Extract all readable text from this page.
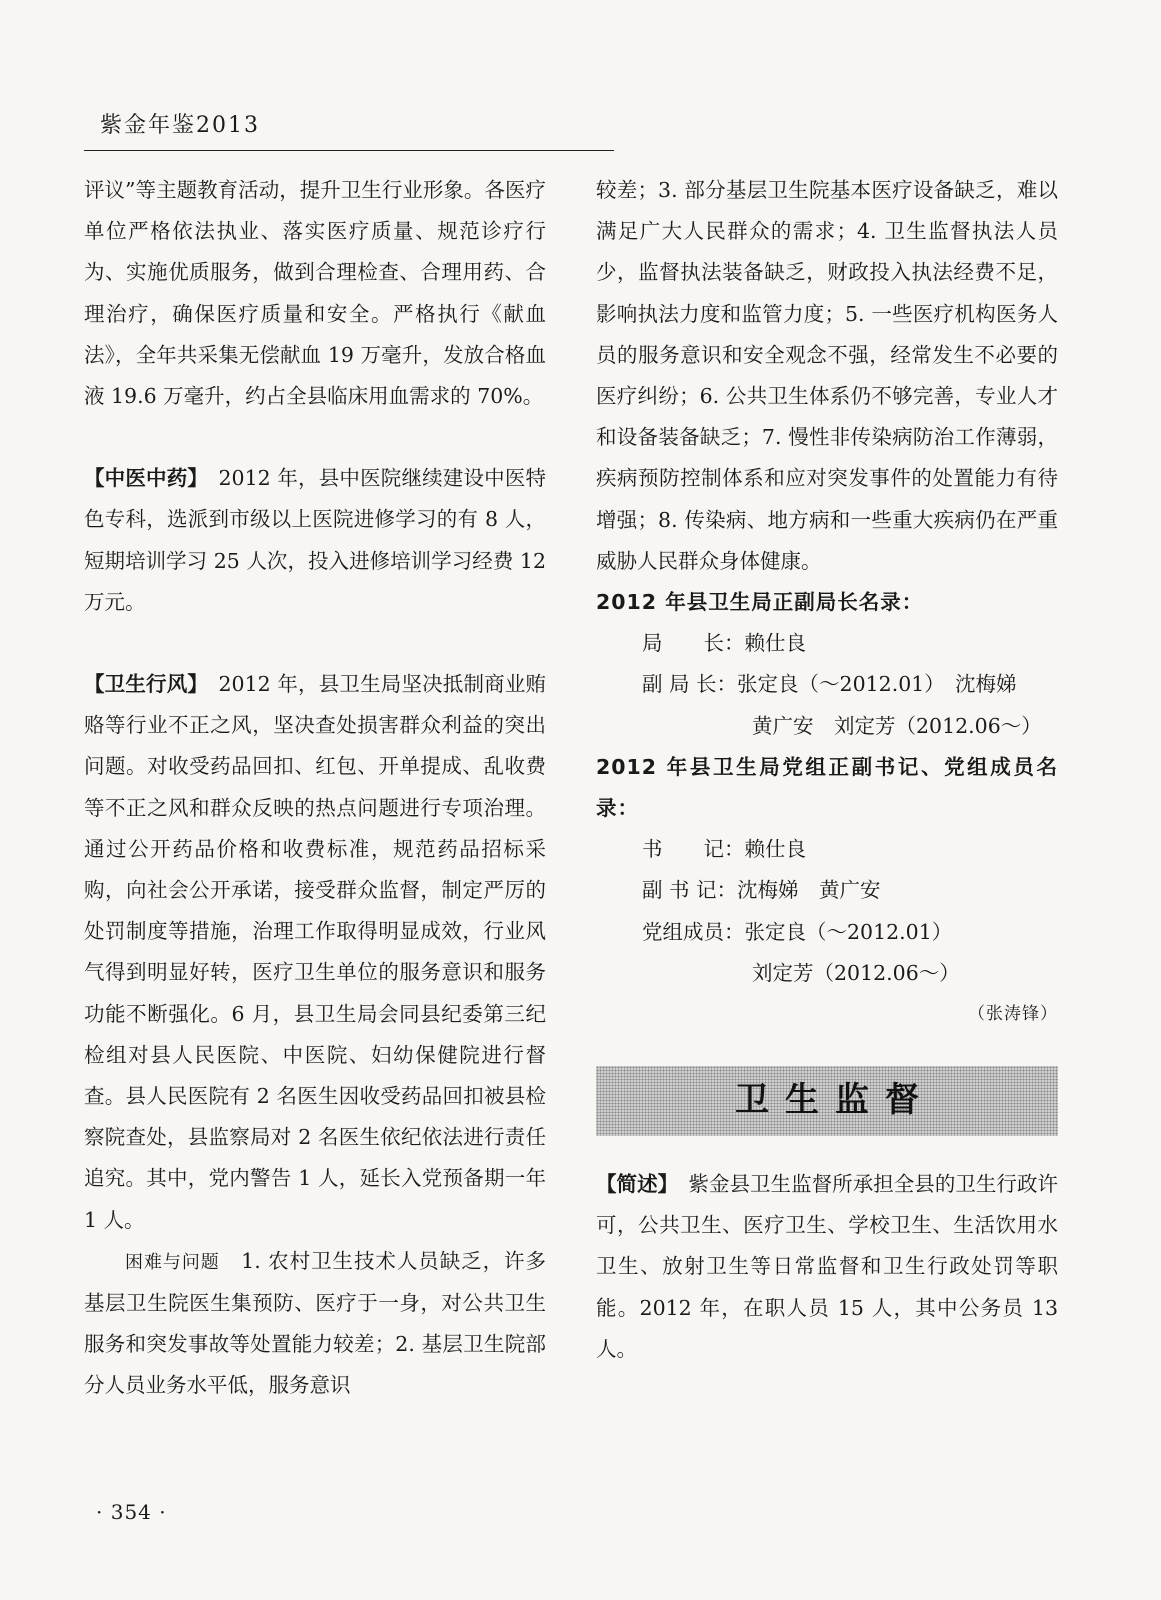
紫金年鉴2013

评议”等主题教育活动，提升卫生行业形象。各医疗单位严格依法执业、落实医疗质量、规范诊疗行为、实施优质服务，做到合理检查、合理用药、合理治疗，确保医疗质量和安全。严格执行《献血法》，全年共采集无偿献血 19 万毫升，发放合格血液 19.6 万毫升，约占全县临床用血需求的 70%。

【中医中药】　2012 年，县中医院继续建设中医特色专科，选派到市级以上医院进修学习的有 8 人，短期培训学习 25 人次，投入进修培训学习经费 12 万元。

【卫生行风】　2012 年，县卫生局坚决抵制商业贿赂等行业不正之风，坚决查处损害群众利益的突出问题。对收受药品回扣、红包、开单提成、乱收费等不正之风和群众反映的热点问题进行专项治理。通过公开药品价格和收费标准，规范药品招标采购，向社会公开承诺，接受群众监督，制定严厉的处罚制度等措施，治理工作取得明显成效，行业风气得到明显好转，医疗卫生单位的服务意识和服务功能不断强化。6 月，县卫生局会同县纪委第三纪检组对县人民医院、中医院、妇幼保健院进行督查。县人民医院有 2 名医生因收受药品回扣被县检察院查处，县监察局对 2 名医生依纪依法进行责任追究。其中，党内警告 1 人，延长入党预备期一年 1 人。

困难与问题　1. 农村卫生技术人员缺乏，许多基层卫生院医生集预防、医疗于一身，对公共卫生服务和突发事故等处置能力较差；2. 基层卫生院部分人员业务水平低，服务意识

较差；3. 部分基层卫生院基本医疗设备缺乏，难以满足广大人民群众的需求；4. 卫生监督执法人员少，监督执法装备缺乏，财政投入执法经费不足，影响执法力度和监管力度；5. 一些医疗机构医务人员的服务意识和安全观念不强，经常发生不必要的医疗纠纷；6. 公共卫生体系仍不够完善，专业人才和设备装备缺乏；7. 慢性非传染病防治工作薄弱，疾病预防控制体系和应对突发事件的处置能力有待增强；8. 传染病、地方病和一些重大疾病仍在严重威胁人民群众身体健康。

2012 年县卫生局正副局长名录：

局　　长：赖仕良
副 局 长：张定良（～2012.01）　沈梅娣
黄广安　刘定芳（2012.06～）

2012 年县卫生局党组正副书记、党组成员名录：

书　　记：赖仕良
副 书 记：沈梅娣　黄广安
党组成员：张定良（～2012.01）
刘定芳（2012.06～）
（张涛锋）
卫生监督

【简述】　紫金县卫生监督所承担全县的卫生行政许可，公共卫生、医疗卫生、学校卫生、生活饮用水卫生、放射卫生等日常监督和卫生行政处罚等职能。2012 年，在职人员 15 人，其中公务员 13 人。

· 354 ·
